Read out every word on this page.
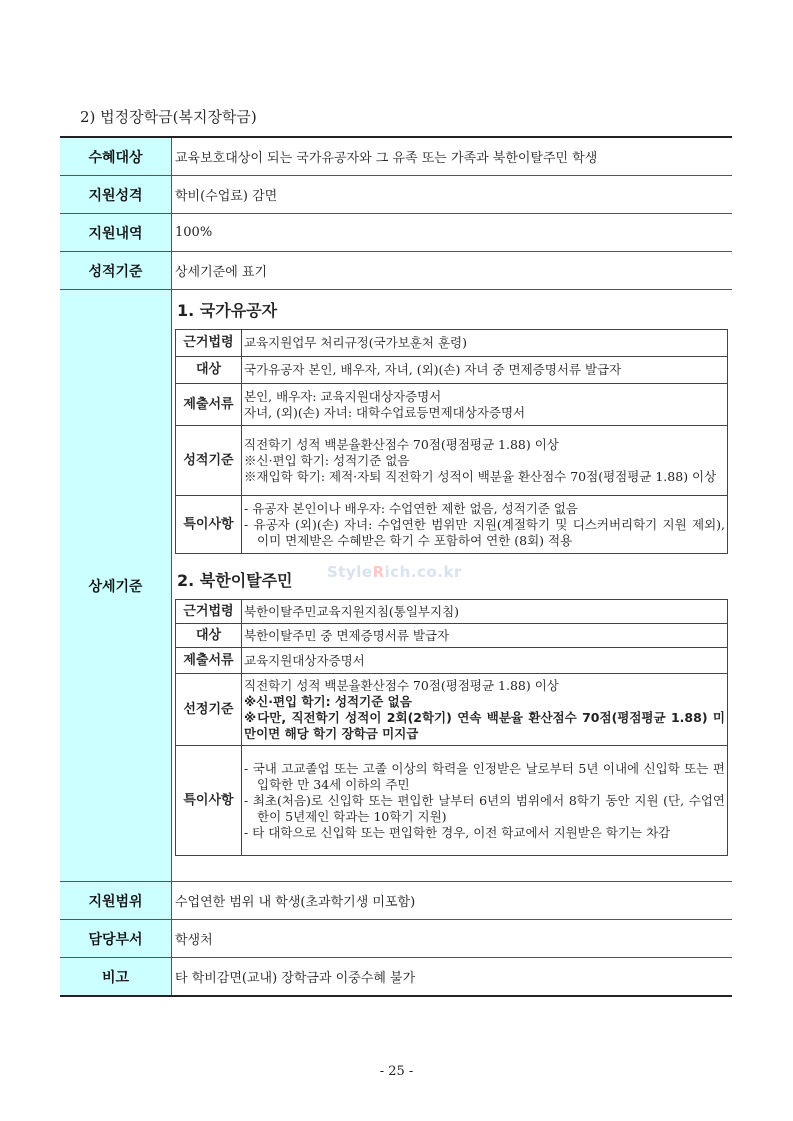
2) 법정장학금(복지장학금)
수혜대상	교육보호대상이 되는 국가유공자와 그 유족 또는 가족과 북한이탈주민 학생
지원성격	학비(수업료) 감면
지원내역	100%
성적기준	상세기준에 표기
상세기준
1. 국가유공자
근거법령	교육지원업무 처리규정(국가보훈처 훈령)
대상	국가유공자 본인, 배우자, 자녀, (외)(손) 자녀 중 면제증명서류 발급자
제출서류	본인, 배우자: 교육지원대상자증명서
자녀, (외)(손) 자녀: 대학수업료등면제대상자증명서

성적기준	직전학기 성적 백분율환산점수 70점(평점평균 1.88) 이상
※신·편입 학기: 성적기준 없음
※재입학 학기: 제적·자퇴 직전학기 성적이 백분율 환산점수 70점(평점평균 1.88) 이상

특이사항	- 유공자 본인이나 배우자: 수업연한 제한 없음, 성적기준 없음
- 유공자 (외)(손) 자녀: 수업연한 범위만 지원(계절학기 및 디스커버리학기 지원 제외), 이미 면제받은 수혜받은 학기 수 포함하여 연한 (8회) 적용
2. 북한이탈주민
근거법령	북한이탈주민교육지원지침(통일부지침)
대상	북한이탈주민 중 면제증명서류 발급자
제출서류	교육지원대상자증명서
선정기준	직전학기 성적 백분율환산점수 70점(평점평균 1.88) 이상
※신·편입 학기: 성적기준 없음
※다만, 직전학기 성적이 2회(2학기) 연속 백분율 환산점수 70점(평점평균 1.88) 미만이면 해당 학기 장학금 미지급

특이사항	- 국내 고교졸업 또는 고졸 이상의 학력을 인정받은 날로부터 5년 이내에 신입학 또는 편입학한 만 34세 이하의 주민
- 최초(처음)로 신입학 또는 편입한 날부터 6년의 범위에서 8학기 동안 지원 (단, 수업연한이 5년제인 학과는 10학기 지원)
- 타 대학으로 신입학 또는 편입학한 경우, 이전 학교에서 지원받은 학기는 차감
지원범위	수업연한 범위 내 학생(초과학기생 미포함)
담당부서	학생처
비고	타 학비감면(교내) 장학금과 이중수혜 불가
StyleRich.co.kr
- 25 -
